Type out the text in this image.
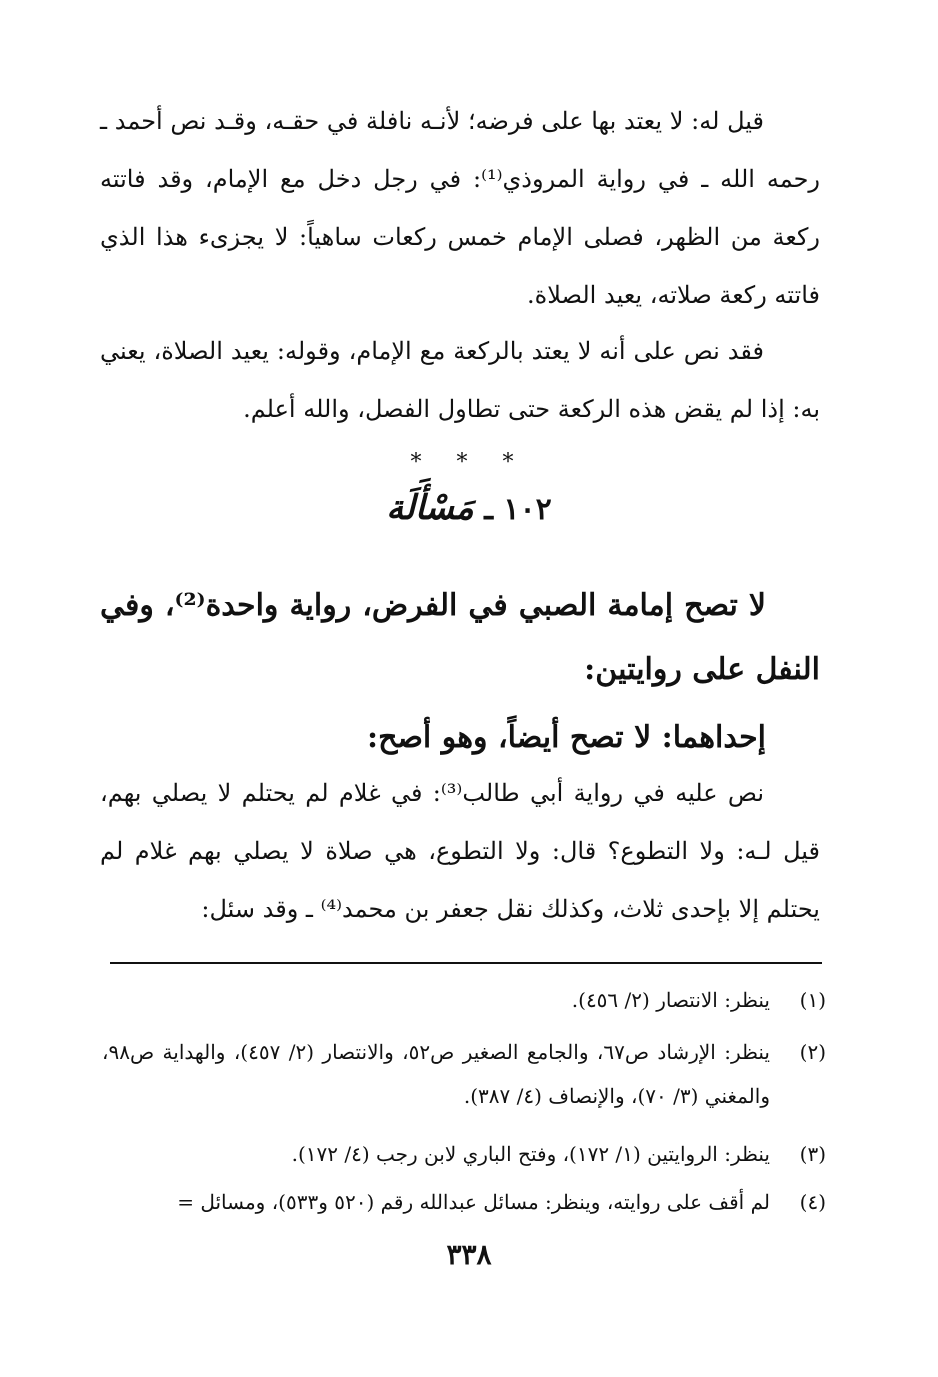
قيل له: لا يعتد بها على فرضه؛ لأنـه نافلة في حقـه، وقـد نص أحمد ـ رحمه الله ـ في رواية المروذي⁽¹⁾: في رجل دخل مع الإمام، وقد فاتته ركعة من الظهر، فصلى الإمام خمس ركعات ساهياً: لا يجزىء هذا الذي فاتته ركعة صلاته، يعيد الصلاة.

فقد نص على أنه لا يعتد بالركعة مع الإمام، وقوله: يعيد الصلاة، يعني به: إذا لم يقض هذه الركعة حتى تطاول الفصل، والله أعلم.

* * *
١٠٢ ـ مَسْأَلَة

لا تصح إمامة الصبي في الفرض، رواية واحدة⁽²⁾، وفي النفل على روايتين:

إحداهما: لا تصح أيضاً، وهو أصح:

نص عليه في رواية أبي طالب⁽³⁾: في غلام لم يحتلم لا يصلي بهم، قيل لـه: ولا التطوع؟ قال: ولا التطوع، هي صلاة لا يصلي بهم غلام لم يحتلم إلا بإحدى ثلاث، وكذلك نقل جعفر بن محمد⁽⁴⁾ ـ وقد سئل:

(١)
ينظر: الانتصار (٢/ ٤٥٦).
(٢)
ينظر: الإرشاد ص٦٧، والجامع الصغير ص٥٢، والانتصار (٢/ ٤٥٧)، والهداية ص٩٨، والمغني (٣/ ٧٠)، والإنصاف (٤/ ٣٨٧).
(٣)
ينظر: الروايتين (١/ ١٧٢)، وفتح الباري لابن رجب (٤/ ١٧٢).
(٤)
لم أقف على روايته، وينظر: مسائل عبدالله رقم (٥٢٠ و٥٣٣)، ومسائل =
٣٣٨
